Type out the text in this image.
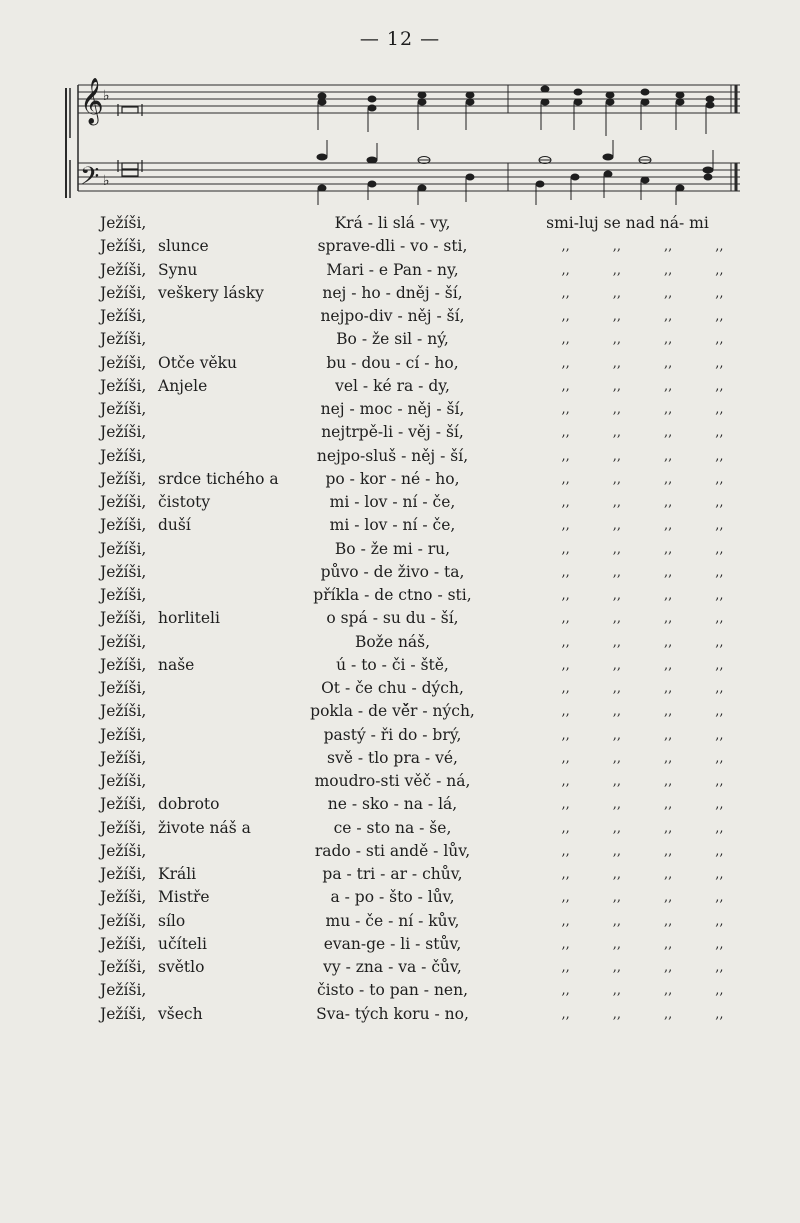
— 12 —
𝄞
𝄢
♭
♭
Ježíši,	Krá - li slá - vy,	smi-luj se nad ná- mi
Ježíši, slunce	sprave-dli - vo - sti,	,,	,,	,,	,,
Ježíši, Synu	Mari - e Pan - ny,	,,	,,	,,	,,
Ježíši, veškery lásky	nej - ho - dněj - ší,	,,	,,	,,	,,
Ježíši,	nejpo-div - něj - ší,	,,	,,	,,	,,
Ježíši,	Bo - že sil - ný,	,,	,,	,,	,,
Ježíši, Otče věku	bu - dou - cí - ho,	,,	,,	,,	,,
Ježíši, Anjele	vel - ké ra - dy,	,,	,,	,,	,,
Ježíši,	nej - moc - něj - ší,	,,	,,	,,	,,
Ježíši,	nejtrpě-li - věj - ší,	,,	,,	,,	,,
Ježíši,	nejpo-sluš - něj - ší,	,,	,,	,,	,,
Ježíši, srdce tichého a	po - kor - né - ho,	,,	,,	,,	,,
Ježíši, čistoty	mi - lov - ní - če,	,,	,,	,,	,,
Ježíši, duší	mi - lov - ní - če,	,,	,,	,,	,,
Ježíši,	Bo - že mi - ru,	,,	,,	,,	,,
Ježíši,	půvo - de živo - ta,	,,	,,	,,	,,
Ježíši,	příkla - de ctno - sti,	,,	,,	,,	,,
Ježíši, horliteli	o spá - su du - ší,	,,	,,	,,	,,
Ježíši,	Bože náš,	,,	,,	,,	,,
Ježíši, naše	ú - to - či - ště,	,,	,,	,,	,,
Ježíši,	Ot - če chu - dých,	,,	,,	,,	,,
Ježíši,	pokla - de vě̌r - ných,	,,	,,	,,	,,
Ježíši,	pastý - ři do - brý,	,,	,,	,,	,,
Ježíši,	svě - tlo pra - vé,	,,	,,	,,	,,
Ježíši,	moudro-sti věč - ná,	,,	,,	,,	,,
Ježíši, dobroto	ne - sko - na - lá,	,,	,,	,,	,,
Ježíši, živote náš a	ce - sto na - še,	,,	,,	,,	,,
Ježíši,	rado - sti andě - lův,	,,	,,	,,	,,
Ježíši, Králi	pa - tri - ar - chův,	,,	,,	,,	,,
Ježíši, Mistře	a - po - što - lův,	,,	,,	,,	,,
Ježíši, sílo	mu - če - ní - kův,	,,	,,	,,	,,
Ježíši, učíteli	evan-ge - li - stův,	,,	,,	,,	,,
Ježíši, světlo	vy - zna - va - čův,	,,	,,	,,	,,
Ježíši,	čisto - to pan - nen,	,,	,,	,,	,,
Ježíši, všech	Sva- tých koru - no,	,,	,,	,,	,,
